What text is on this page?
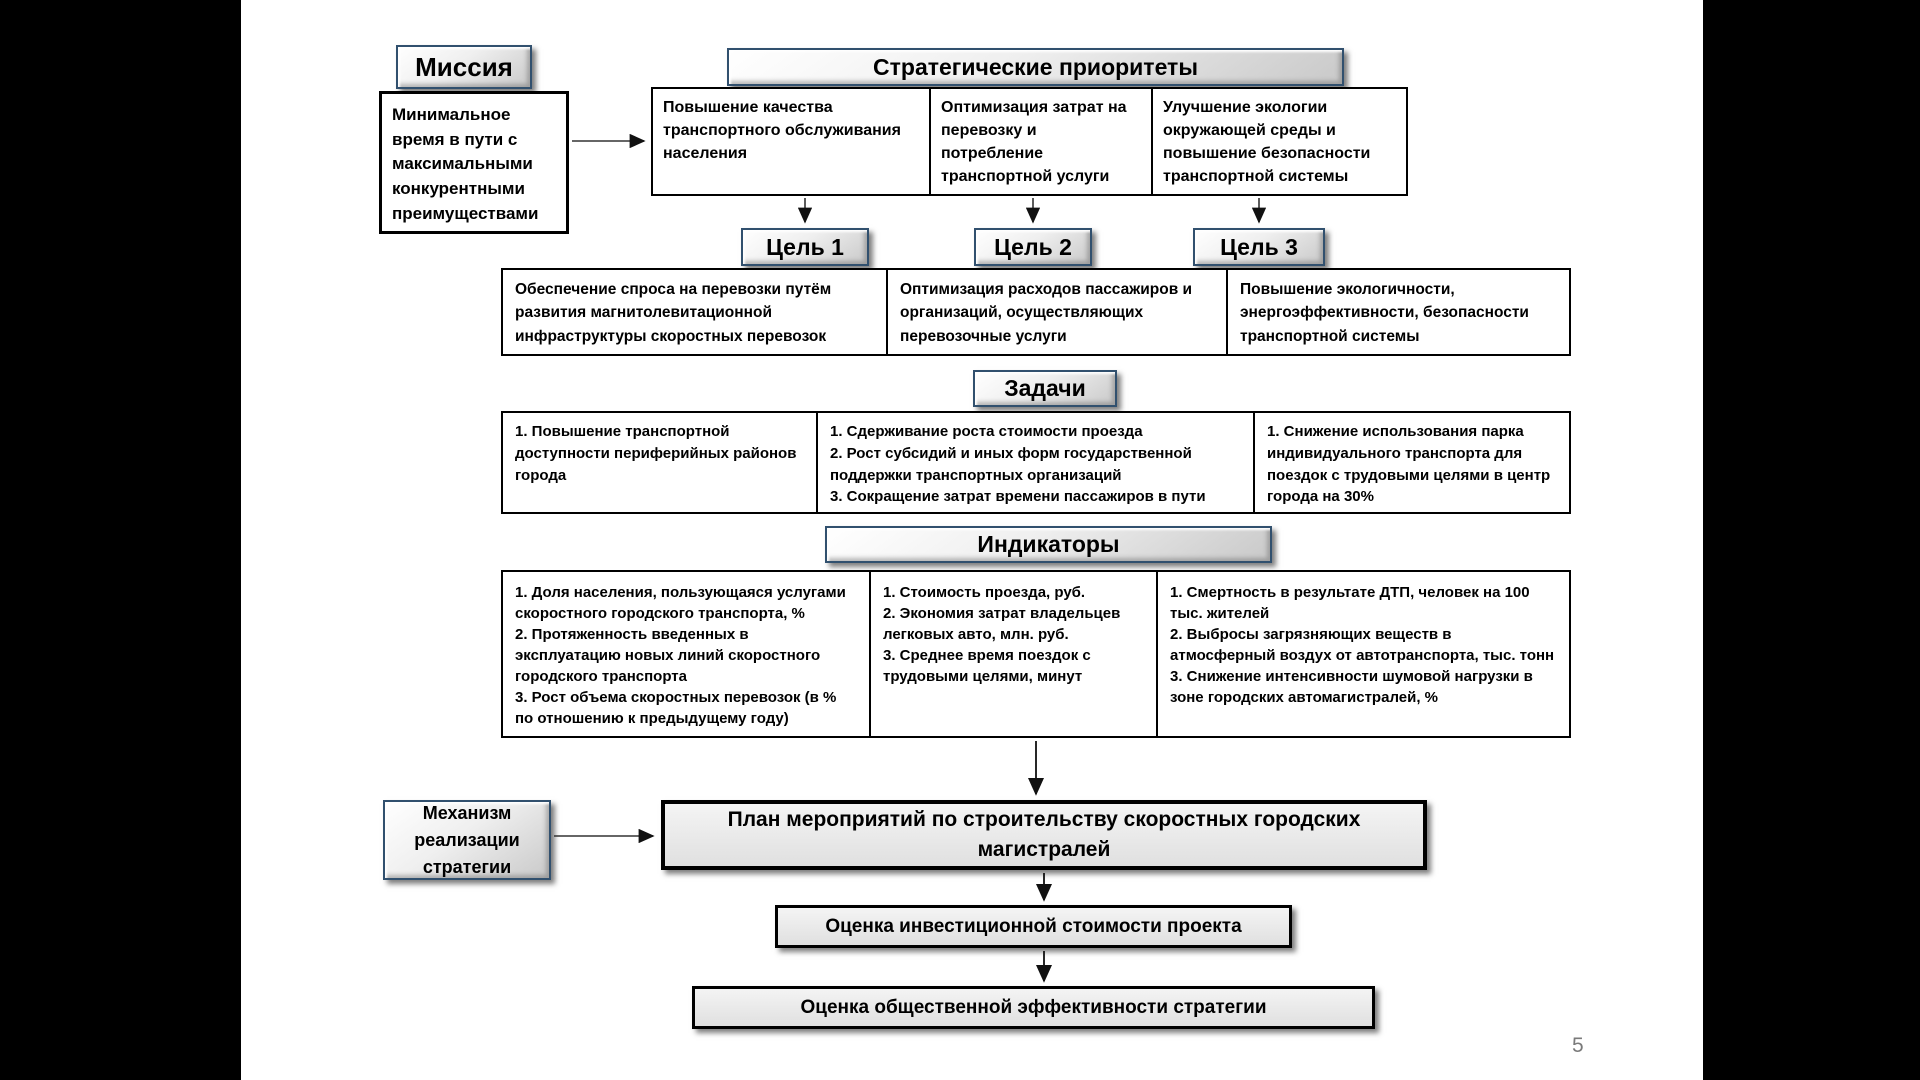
Миссия
Минимальное время в пути с максимальными конкурентными преимуществами
Стратегические приоритеты
Повышение качества транспортного обслуживания населения
Оптимизация затрат на перевозку и потребление транспортной услуги
Улучшение экологии окружающей среды и повышение безопасности транспортной системы
Цель 1	Цель 2	Цель 3
Обеспечение спроса на перевозки путём развития магнитолевитационной инфраструктуры скоростных перевозок
Оптимизация расходов пассажиров и организаций, осуществляющих перевозочные услуги
Повышение экологичности, энергоэффективности, безопасности транспортной системы
Задачи
1. Повышение транспортной доступности периферийных районов города
1. Сдерживание роста стоимости проезда
2. Рост субсидий и иных форм государственной поддержки транспортных организаций
3. Сокращение затрат времени пассажиров в пути
1. Снижение использования парка индивидуального транспорта для поездок с трудовыми целями в центр города на 30%
Индикаторы
1. Доля населения, пользующаяся услугами скоростного городского транспорта, %
2. Протяженность введенных в эксплуатацию новых линий скоростного городского транспорта
3. Рост объема скоростных перевозок (в % по отношению к предыдущему году)
1. Стоимость проезда, руб.
2. Экономия затрат владельцев легковых авто, млн. руб.
3. Среднее время поездок с трудовыми целями, минут
1. Смертность в результате ДТП, человек на 100 тыс. жителей
2. Выбросы загрязняющих веществ в атмосферный воздух от автотранспорта, тыс. тонн
3. Снижение интенсивности шумовой нагрузки в зоне городских автомагистралей, %
Механизм реализации стратегии
План мероприятий по строительству скоростных городских магистралей
Оценка инвестиционной стоимости проекта
Оценка общественной эффективности стратегии
5
